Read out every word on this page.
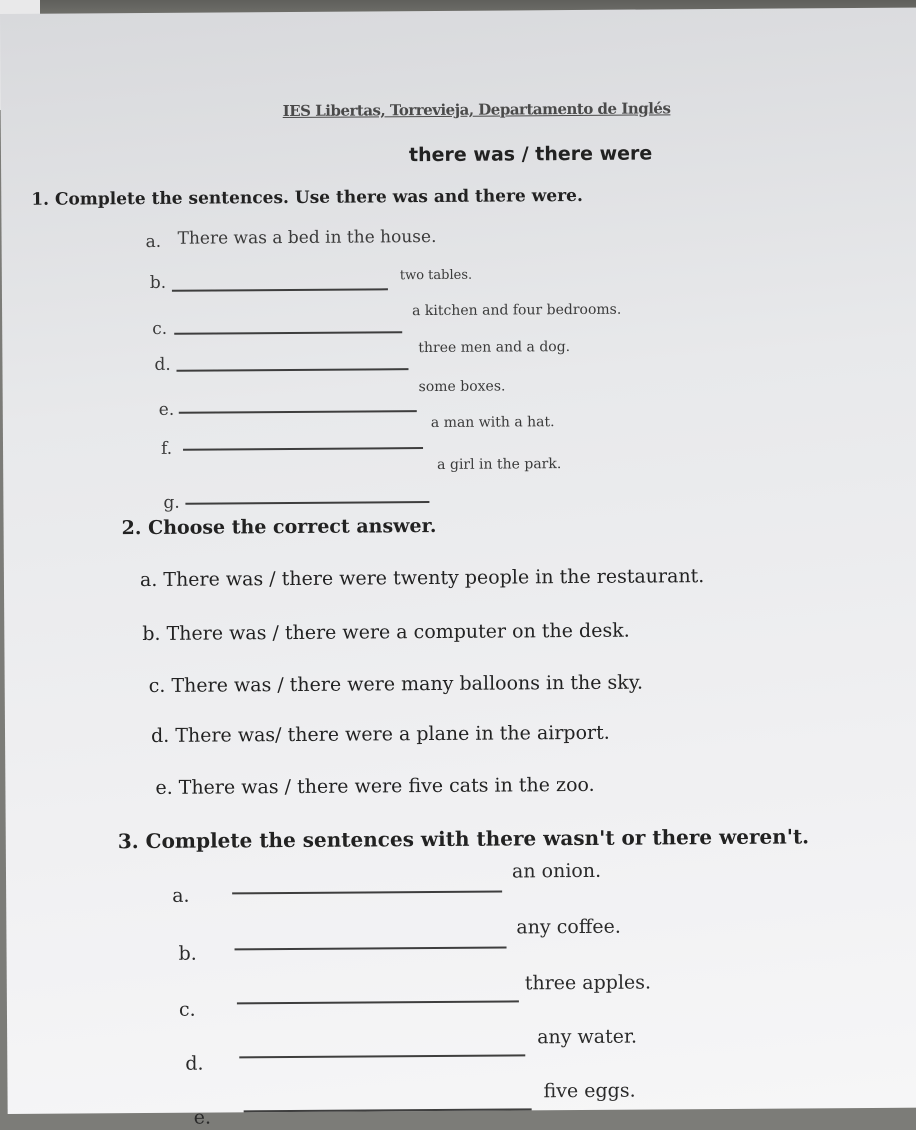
IES Libertas, Torrevieja, Departamento de Inglés
there was / there were
1. Complete the sentences. Use there was and there were.
a. There was a bed in the house.
b.	two tables.
c.
a kitchen and four bedrooms.
d.
three men and a dog.
e.
some boxes.
f.
a man with a hat.
g.
a girl in the park.
2. Choose the correct answer.
a. There was / there were twenty people in the restaurant.
b. There was / there were a computer on the desk.
c. There was / there were many balloons in the sky.
d. There was/ there were a plane in the airport.
e. There was / there were five cats in the zoo.
3. Complete the sentences with there wasn't or there weren't.
a.
an onion.
b.
any coffee.
c.
three apples.
d.
any water.
e.
five eggs.
